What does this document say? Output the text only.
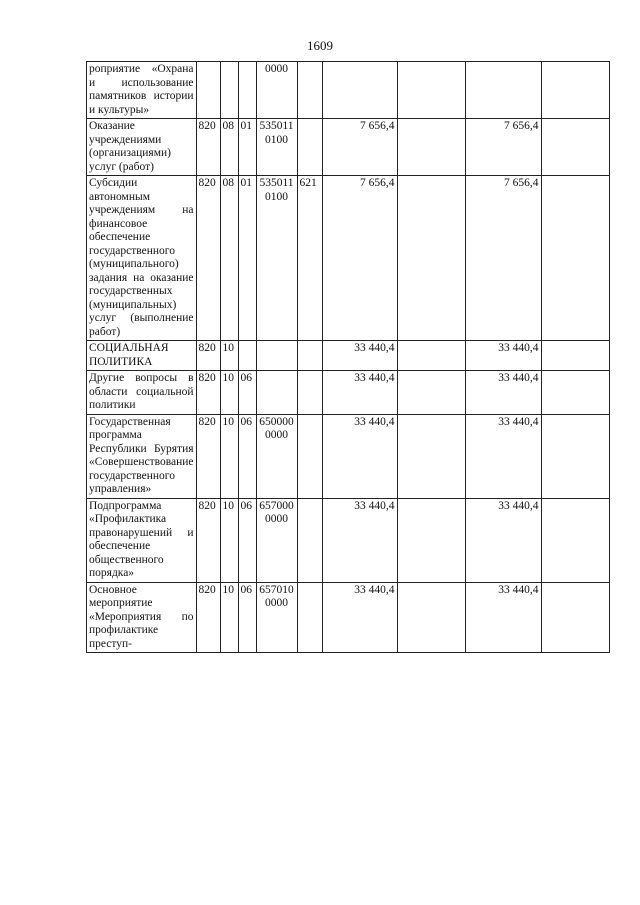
1609
роприятие «Охрана и использование памятников истории и культуры»				0000					
Оказание учреждениями (организациями) услуг (работ)	820	08	01	5350110100		7 656,4		7 656,4	
Субсидии автономным учреждениям на финансовое обеспечение государственного (муниципального) задания на оказание государственных (муниципальных) услуг (выполнение работ)	820	08	01	5350110100	621	7 656,4		7 656,4	
СОЦИАЛЬНАЯ ПОЛИТИКА	820	10				33 440,4		33 440,4	
Другие вопросы в области социальной политики	820	10	06			33 440,4		33 440,4	
Государственная программа Республики Бурятия «Совершенствование государственного управления»	820	10	06	6500000000		33 440,4		33 440,4	
Подпрограмма «Профилактика правонарушений и обеспечение общественного порядка»	820	10	06	6570000000		33 440,4		33 440,4	
Основное мероприятие «Мероприятия по профилактике преступ-	820	10	06	6570100000		33 440,4		33 440,4	
